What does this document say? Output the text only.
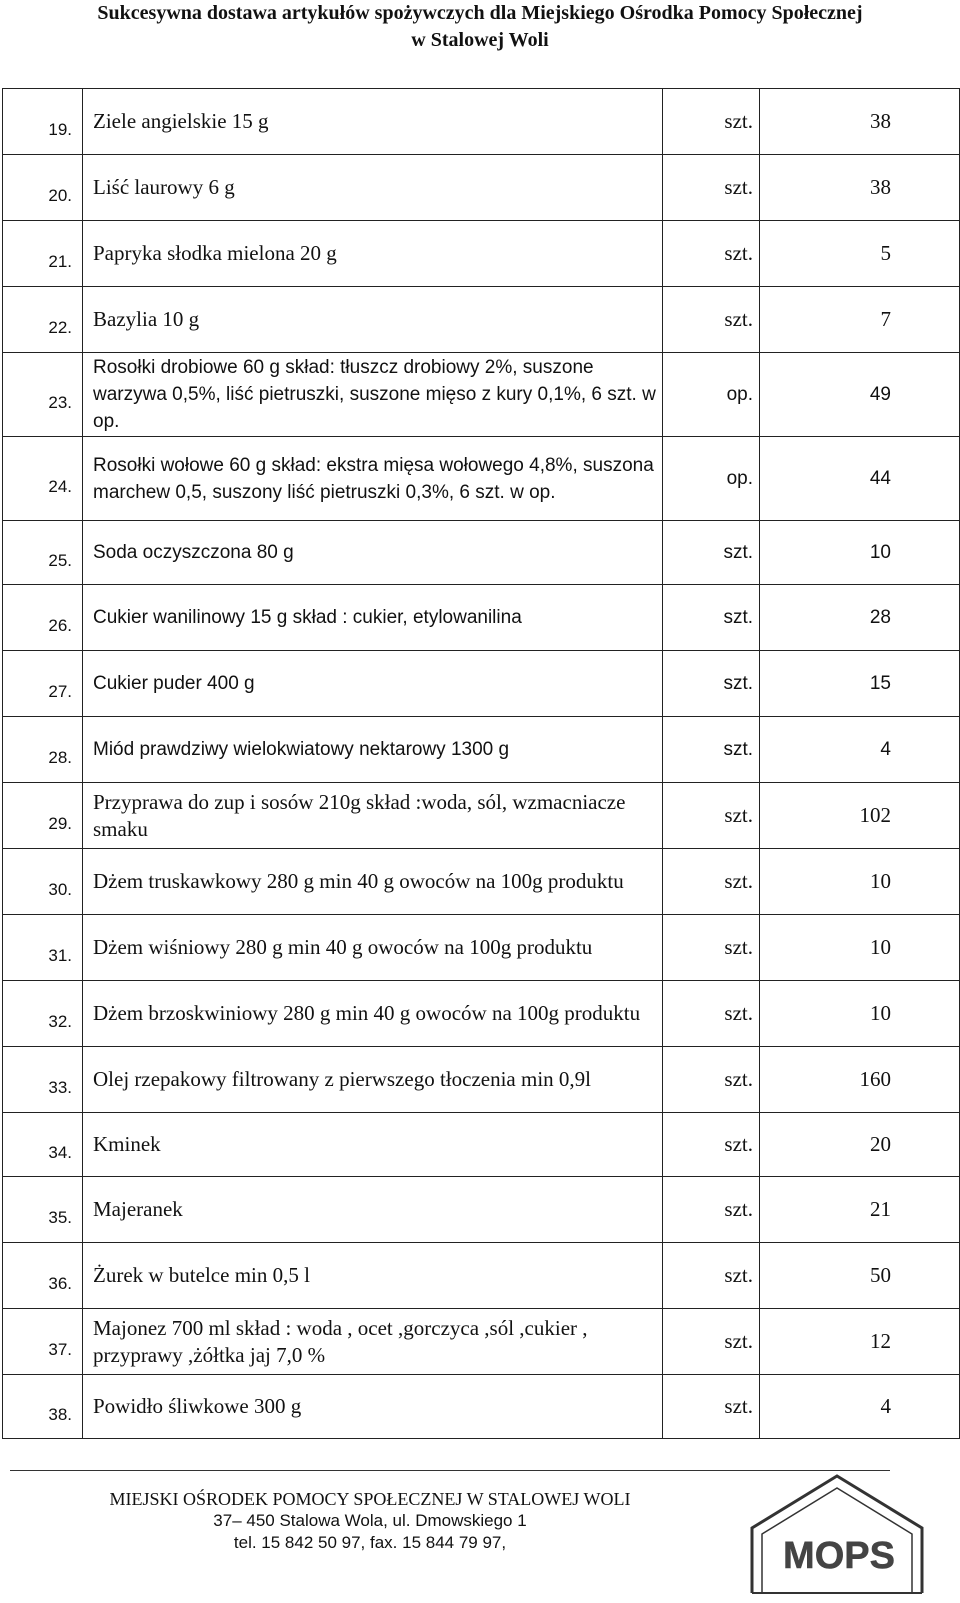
Sukcesywna dostawa artykułów spożywczych dla Miejskiego Ośrodka Pomocy Społecznej
w Stalowej Woli
19.	Ziele angielskie 15 g	szt.	38
20.	Liść laurowy 6 g	szt.	38
21.	Papryka słodka mielona 20 g	szt.	5
22.	Bazylia 10 g	szt.	7
23.	Rosołki drobiowe 60 g skład: tłuszcz drobiowy 2%, suszone warzywa 0,5%, liść pietruszki, suszone mięso z kury 0,1%, 6 szt. w op.	op.	49
24.	Rosołki wołowe 60 g skład: ekstra mięsa wołowego 4,8%, suszona marchew 0,5, suszony liść pietruszki 0,3%, 6 szt. w op.	op.	44
25.	Soda oczyszczona 80 g	szt.	10
26.	Cukier wanilinowy 15 g skład : cukier, etylowanilina	szt.	28
27.	Cukier puder 400 g	szt.	15
28.	Miód prawdziwy wielokwiatowy nektarowy 1300 g	szt.	4
29.	Przyprawa do zup i sosów 210g skład :woda, sól, wzmacniacze smaku	szt.	102
30.	Dżem truskawkowy 280 g min 40 g owoców na 100g produktu	szt.	10
31.	Dżem wiśniowy 280 g min 40 g owoców na 100g produktu	szt.	10
32.	Dżem brzoskwiniowy 280 g min 40 g owoców na 100g produktu	szt.	10
33.	Olej rzepakowy filtrowany z pierwszego tłoczenia min 0,9l	szt.	160
34.	Kminek	szt.	20
35.	Majeranek	szt.	21
36.	Żurek w butelce min 0,5 l	szt.	50
37.	Majonez 700 ml skład : woda , ocet ,gorczyca ,sól ,cukier , przyprawy ,żółtka jaj 7,0 %	szt.	12
38.	Powidło śliwkowe 300 g	szt.	4
MIEJSKI OŚRODEK POMOCY SPOŁECZNEJ W STALOWEJ WOLI
37– 450 Stalowa Wola, ul. Dmowskiego 1
tel. 15 842 50 97, fax. 15 844 79 97,	MOPS
